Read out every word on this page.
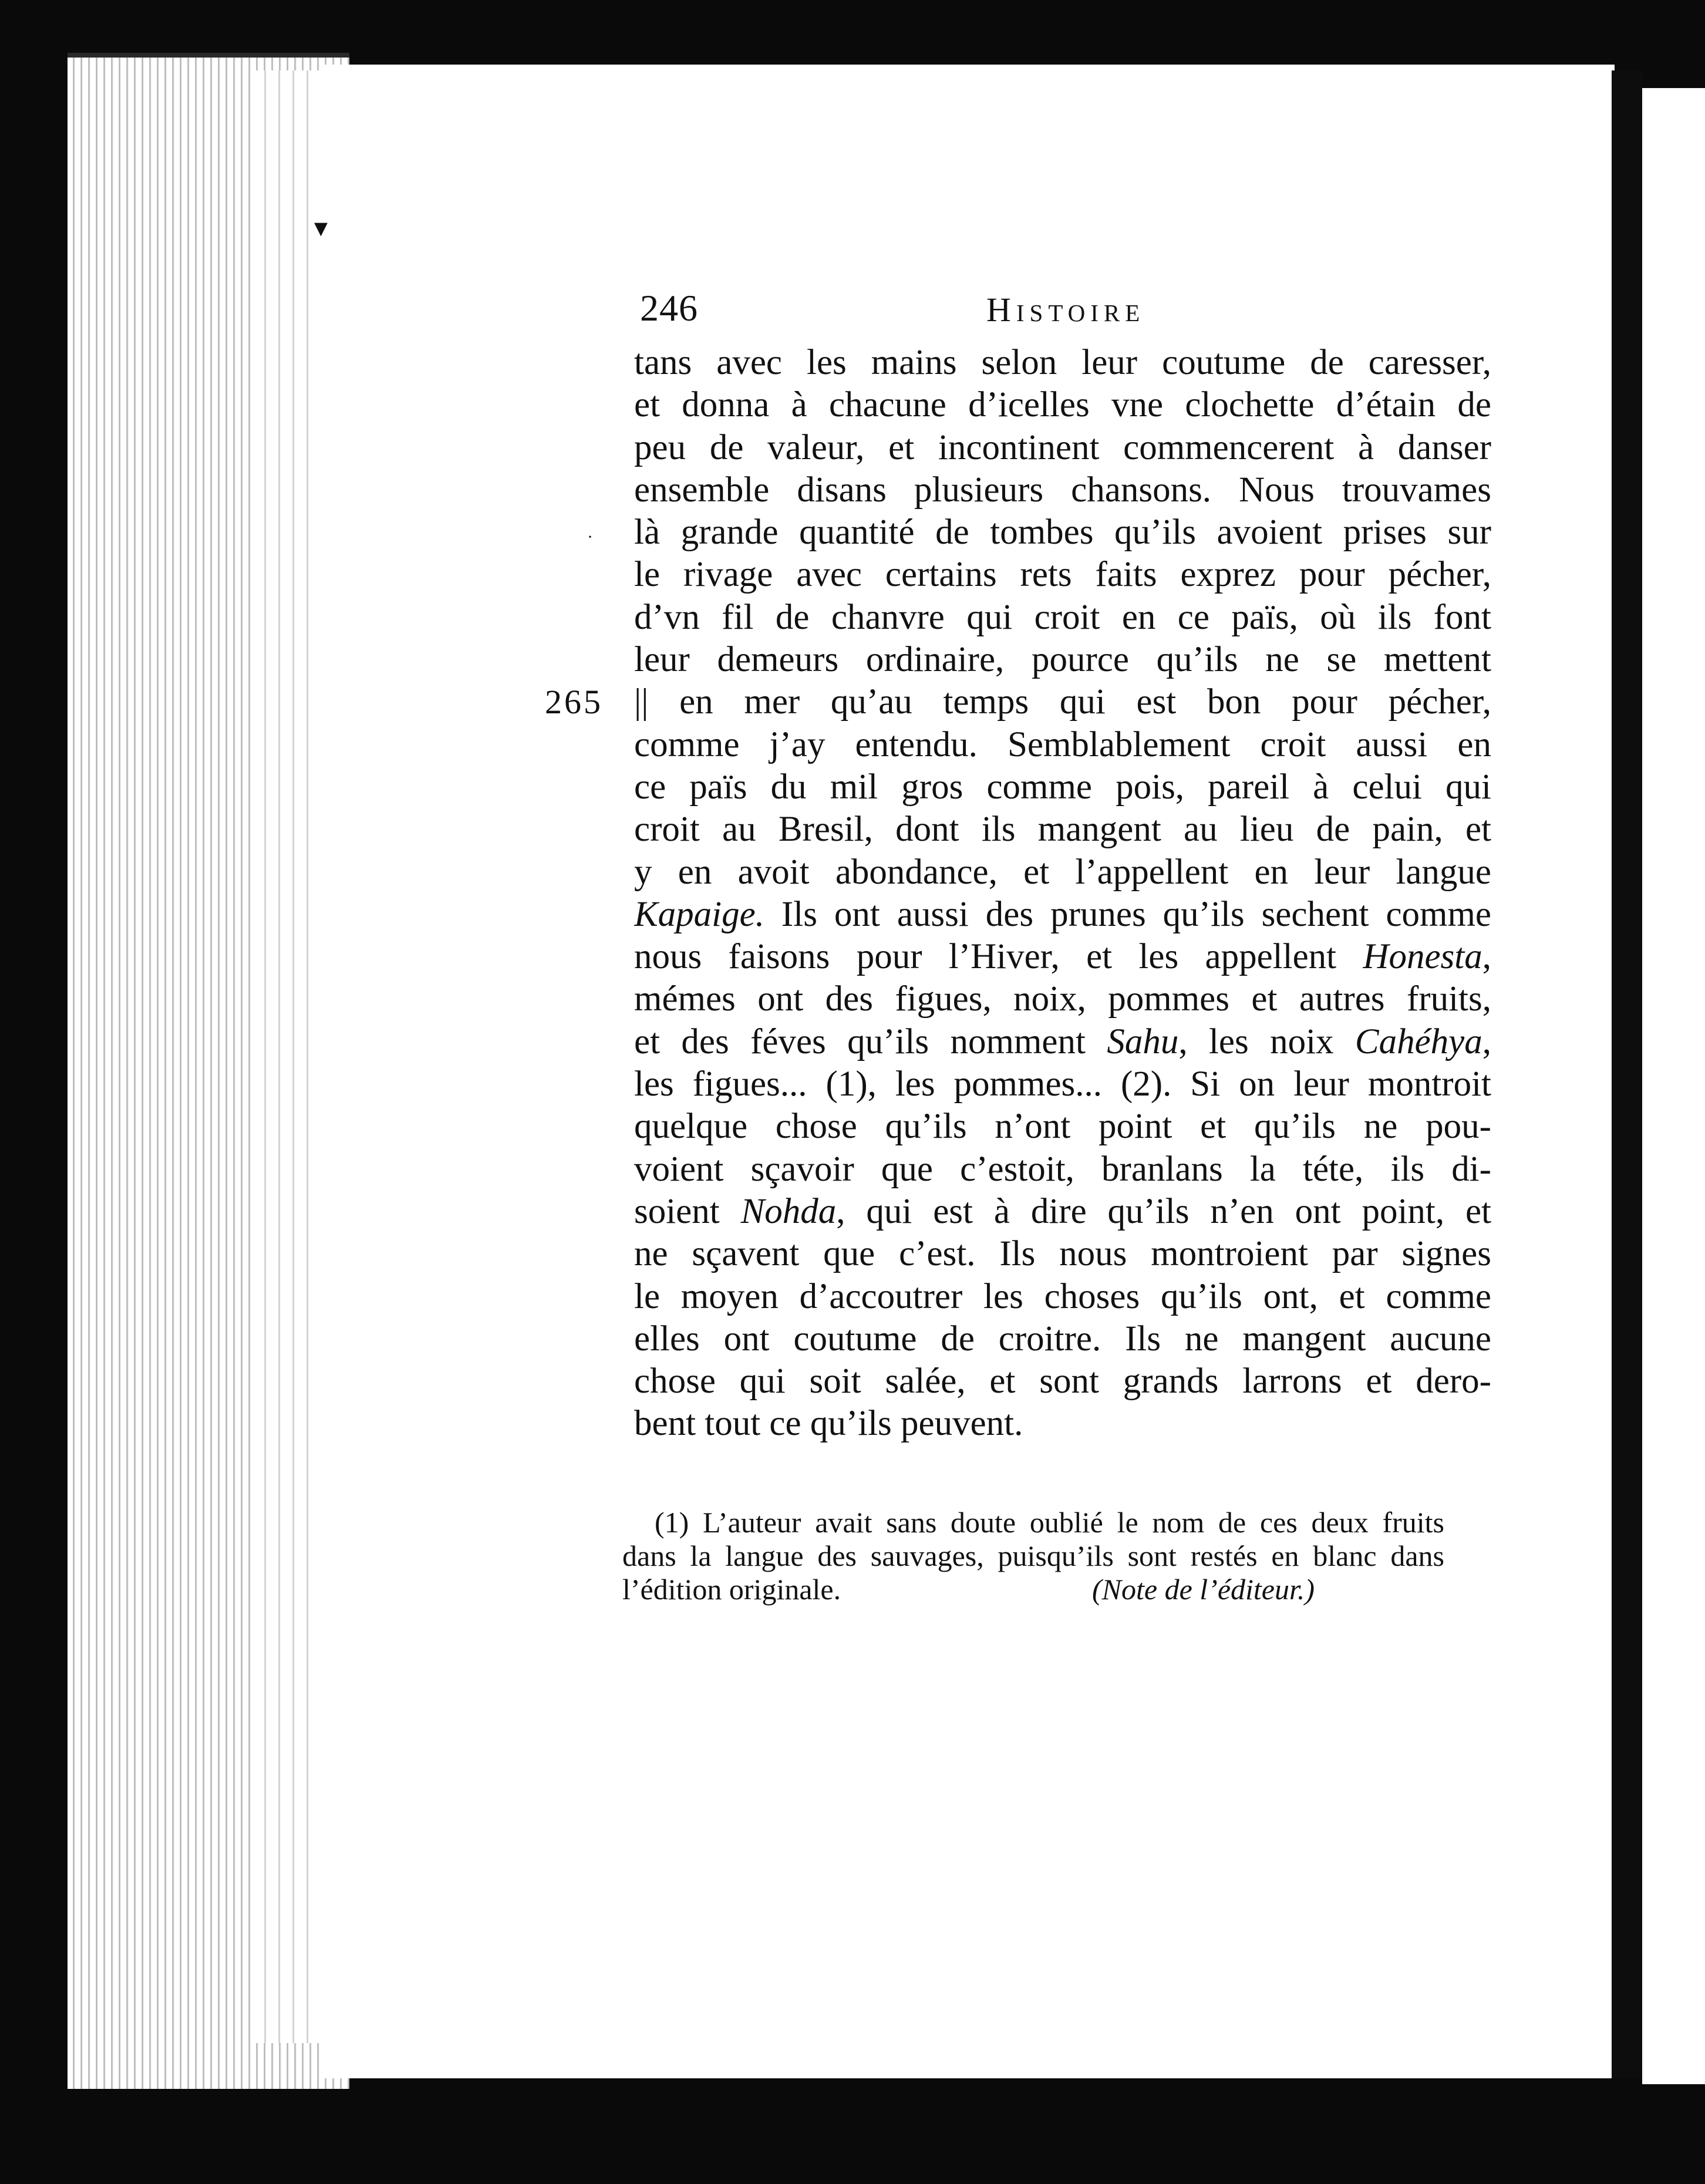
▾
·
246	Histoire
265
tans avec les mains selon leur coutume de caresser,
et donna à chacune d’icelles vne clochette d’étain de
peu de valeur, et incontinent commencerent à danser
ensemble disans plusieurs chansons. Nous trouvames
là grande quantité de tombes qu’ils avoient prises sur
le rivage avec certains rets faits exprez pour pécher,
d’vn fil de chanvre qui croit en ce païs, où ils font
leur demeurs ordinaire, pource qu’ils ne se mettent
|| en mer qu’au temps qui est bon pour pécher,
comme j’ay entendu. Semblablement croit aussi en
ce païs du mil gros comme pois, pareil à celui qui
croit au Bresil, dont ils mangent au lieu de pain, et
y en avoit abondance, et l’appellent en leur langue
Kapaige. Ils ont aussi des prunes qu’ils sechent comme
nous faisons pour l’Hiver, et les appellent Honesta,
mémes ont des figues, noix, pommes et autres fruits,
et des féves qu’ils nomment Sahu, les noix Cahéhya,
les figues... (1), les pommes... (2). Si on leur montroit
quelque chose qu’ils n’ont point et qu’ils ne pou-
voient sçavoir que c’estoit, branlans la téte, ils di-
soient Nohda, qui est à dire qu’ils n’en ont point, et
ne sçavent que c’est. Ils nous montroient par signes
le moyen d’accoutrer les choses qu’ils ont, et comme
elles ont coutume de croitre. Ils ne mangent aucune
chose qui soit salée, et sont grands larrons et dero-
bent tout ce qu’ils peuvent.
(1) L’auteur avait sans doute oublié le nom de ces deux fruits
dans la langue des sauvages, puisqu’ils sont restés en blanc dans
l’édition originale.	(Note de l’éditeur.)
